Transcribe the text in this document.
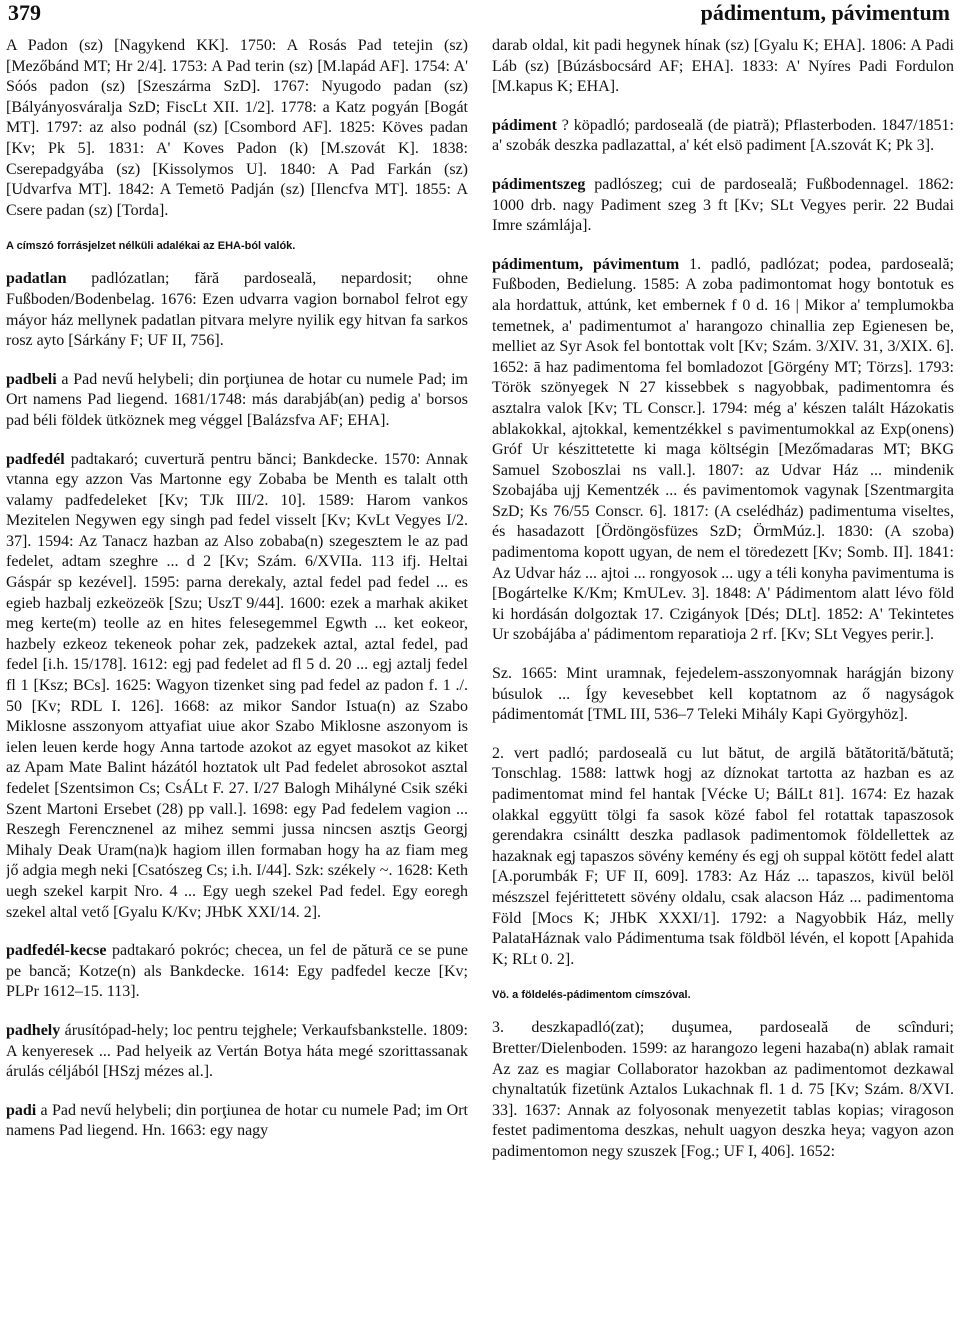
379	pádimentum, pávimentum

A Padon (sz) [Nagykend KK]. 1750: A Rosás Pad tetejin (sz) [Mezőbánd MT; Hr 2/4]. 1753: A Pad terin (sz) [M.lapád AF]. 1754: A' Sóós padon (sz) [Szeszárma SzD]. 1767: Nyugodo padan (sz) [Bályányosváralja SzD; FiscLt XII. 1/2]. 1778: a Katz pogyán [Bogát MT]. 1797: az also podnál (sz) [Csombord AF]. 1825: Köves padan [Kv; Pk 5]. 1831: A' Koves Padon (k) [M.szovát K]. 1838: Cserepadgyába (sz) [Kissolymos U]. 1840: A Pad Farkán (sz) [Udvarfva MT]. 1842: A Temetö Padján (sz) [Ilencfva MT]. 1855: A Csere padan (sz) [Torda].

A címszó forrásjelzet nélküli adalékai az EHA-ból valók.

padatlan padlózatlan; fără pardoseală, nepardosit; ohne Fußboden/Bodenbelag. 1676: Ezen udvarra vagion bornabol felrot egy máyor ház mellynek padatlan pitvara melyre nyilik egy hitvan fa sarkos rosz ayto [Sárkány F; UF II, 756].

padbeli a Pad nevű helybeli; din porţiunea de hotar cu numele Pad; im Ort namens Pad liegend. 1681/1748: más darabjáb(an) pedig a' borsos pad béli földek ütköznek meg véggel [Balázsfva AF; EHA].

padfedél padtakaró; cuvertură pentru bănci; Bankdecke. 1570: Annak vtanna egy azzon Vas Martonne egy Zobaba be Menth es talalt otth valamy padfedeleket [Kv; TJk III/2. 10]. 1589: Harom vankos Mezitelen Negywen egy singh pad fedel visselt [Kv; KvLt Vegyes I/2. 37]. 1594: Az Tanacz hazban az Also zobaba(n) szegesztem le az pad fedelet, adtam szeghre ... d 2 [Kv; Szám. 6/XVIIa. 113 ifj. Heltai Gáspár sp kezével]. 1595: parna derekaly, aztal fedel pad fedel ... es egieb hazbalj ezkeözeök [Szu; UszT 9/44]. 1600: ezek a marhak akiket meg kerte(m) teolle az en hites felesegemmel Egwth ... ket eokeor, hazbely ezkeoz tekeneok pohar zek, padzekek aztal, aztal fedel, pad fedel [i.h. 15/178]. 1612: egj pad fedelet ad fl 5 d. 20 ... egj aztalj fedel fl 1 [Ksz; BCs]. 1625: Wagyon tizenket sing pad fedel az padon f. 1 ./. 50 [Kv; RDL I. 126]. 1668: az mikor Sandor Istua(n) az Szabo Miklosne asszonyom attyafiat uiue akor Szabo Miklosne aszonyom is ielen leuen kerde hogy Anna tartode azokot az egyet masokot az kiket az Apam Mate Balint házától hoztatok ult Pad fedelet abrosokot asztal fedelet [Szentsimon Cs; CsÁLt F. 27. I/27 Balogh Mihályné Csik széki Szent Martoni Ersebet (28) pp vall.]. 1698: egy Pad fedelem vagion ... Reszegh Ferencznenel az mihez semmi jussa nincsen asztįs Georgj Mihaly Deak Uram(na)k hagiom illen formaban hogy ha az fiam meg jő adgia megh neki [Csatószeg Cs; i.h. I/44]. Szk: székely ~. 1628: Keth uegh szekel karpit Nro. 4 ... Egy uegh szekel Pad fedel. Egy eoregh szekel altal vető [Gyalu K/Kv; JHbK XXI/14. 2].

padfedél-kecse padtakaró pokróc; checea, un fel de pătură ce se pune pe bancă; Kotze(n) als Bankdecke. 1614: Egy padfedel kecze [Kv; PLPr 1612–15. 113].

padhely árusítópad-hely; loc pentru tejghele; Verkaufsbankstelle. 1809: A kenyeresek ... Pad helyeik az Vertán Botya háta megé szorittassanak árulás céljából [HSzj mézes al.].

padi a Pad nevű helybeli; din porţiunea de hotar cu numele Pad; im Ort namens Pad liegend. Hn. 1663: egy nagy

darab oldal, kit padi hegynek hínak (sz) [Gyalu K; EHA]. 1806: A Padi Láb (sz) [Búzásbocsárd AF; EHA]. 1833: A' Nyíres Padi Fordulon [M.kapus K; EHA].

pádiment ? köpadló; pardoseală (de piatră); Pflasterboden. 1847/1851: a' szobák deszka padlazattal, a' két elsö padiment [A.szovát K; Pk 3].

pádimentszeg padlószeg; cui de pardoseală; Fußbodennagel. 1862: 1000 drb. nagy Padiment szeg 3 ft [Kv; SLt Vegyes perir. 22 Budai Imre számlája].

pádimentum, pávimentum 1. padló, padlózat; podea, pardoseală; Fußboden, Bedielung. 1585: A zoba padimontomat hogy bontotuk es ala hordattuk, attúnk, ket embernek f 0 d. 16 | Mikor a' templumokba temetnek, a' padimentumot a' harangozo chinallia zep Egienesen be, melliet az Syr Asok fel bontottak volt [Kv; Szám. 3/XIV. 31, 3/XIX. 6]. 1652: ā haz padimentoma fel bomladozot [Görgény MT; Törzs]. 1793: Török szönyegek N 27 kissebbek s nagyobbak, padimentomra és asztalra valok [Kv; TL Conscr.]. 1794: még a' készen talált Házokatis ablakokkal, ajtokkal, kementzékkel s pavimentumokkal az Exp(onens) Gróf Ur készittetette ki maga költségin [Mezőmadaras MT; BKG Samuel Szoboszlai ns vall.]. 1807: az Udvar Ház ... mindenik Szobajába ujj Kementzék ... és pavimentomok vagynak [Szentmargita SzD; Ks 76/55 Conscr. 6]. 1817: (A cselédház) padimentuma viseltes, és hasadazott [Ördöngösfüzes SzD; ÖrmMúz.]. 1830: (A szoba) padimentoma kopott ugyan, de nem el töredezett [Kv; Somb. II]. 1841: Az Udvar ház ... ajtoi ... rongyosok ... ugy a téli konyha pavimentuma is [Bogártelke K/Km; KmULev. 3]. 1848: A' Pádimentom alatt lévo föld ki hordásán dolgoztak 17. Czigányok [Dés; DLt]. 1852: A' Tekintetes Ur szobájába a' pádimentom reparatioja 2 rf. [Kv; SLt Vegyes perir.].

Sz. 1665: Mint uramnak, fejedelem-asszonyomnak harágján bizony búsulok ... Így kevesebbet kell koptatnom az ő nagyságok pádimentomát [TML III, 536–7 Teleki Mihály Kapi Györgyhöz].

2. vert padló; pardoseală cu lut bătut, de argilă bătătorită/bătută; Tonschlag. 1588: lattwk hogj az díznokat tartotta az hazban es az padimentomat mind fel hantak [Vécke U; BálLt 81]. 1674: Ez hazak olakkal eggyütt tölgi fa sasok közé fabol fel rotattak tapaszosok gerendakra csináltt deszka padlasok padimentomok földellettek az hazaknak egj tapaszos sövény kemény és egj oh suppal kötött fedel alatt [A.porumbák F; UF II, 609]. 1783: Az Ház ... tapaszos, kivül belöl mészszel fejérittetett sövény oldalu, csak alacson Ház ... padimentoma Föld [Mocs K; JHbK XXXI/1]. 1792: a Nagyobbik Ház, melly PalataHáznak valo Pádimentuma tsak földböl lévén, el kopott [Apahida K; RLt 0. 2].

Vö. a földelés-pádimentom címszóval.

3. deszkapadló(zat); duşumea, pardoseală de scînduri; Bretter/Dielenboden. 1599: az harangozo legeni hazaba(n) ablak ramait Az zaz es magiar Collaborator hazokban az padimentomot dezkawal chynaltatúk fizetünk Aztalos Lukachnak fl. 1 d. 75 [Kv; Szám. 8/XVI. 33]. 1637: Annak az folyosonak menyezetit tablas kopias; viragoson festet padimentoma deszkas, nehult uagyon deszka heya; vagyon azon padimentomon negy szuszek [Fog.; UF I, 406]. 1652:
